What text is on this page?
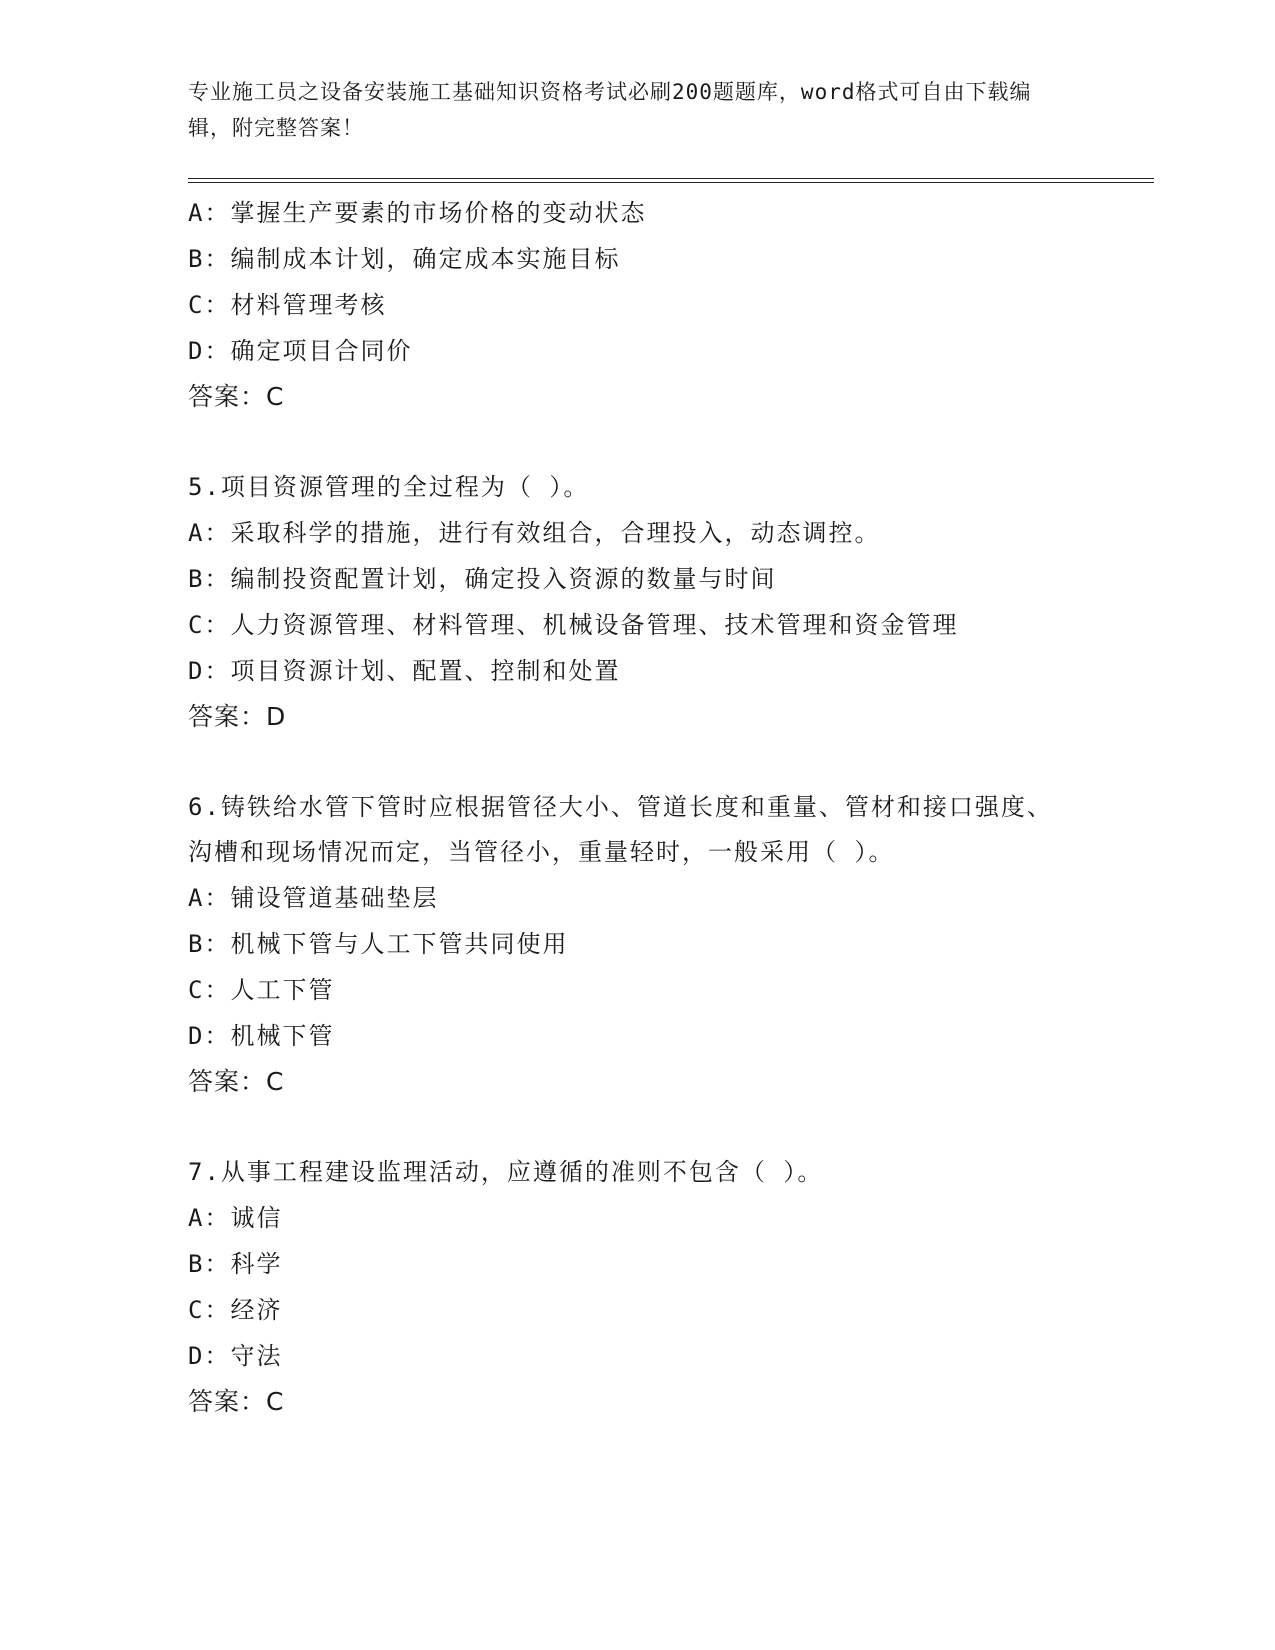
专业施工员之设备安装施工基础知识资格考试必刷200题题库，word格式可自由下载编辑，附完整答案！
A：掌握生产要素的市场价格的变动状态
B：编制成本计划，确定成本实施目标
C：材料管理考核
D：确定项目合同价
答案：C
5.项目资源管理的全过程为（ ）。
A：采取科学的措施，进行有效组合，合理投入，动态调控。
B：编制投资配置计划，确定投入资源的数量与时间
C：人力资源管理、材料管理、机械设备管理、技术管理和资金管理
D：项目资源计划、配置、控制和处置
答案：D
6.铸铁给水管下管时应根据管径大小、管道长度和重量、管材和接口强度、沟槽和现场情况而定，当管径小，重量轻时，一般采用（ ）。
A：铺设管道基础垫层
B：机械下管与人工下管共同使用
C：人工下管
D：机械下管
答案：C
7.从事工程建设监理活动，应遵循的准则不包含（ ）。
A：诚信
B：科学
C：经济
D：守法
答案：C
